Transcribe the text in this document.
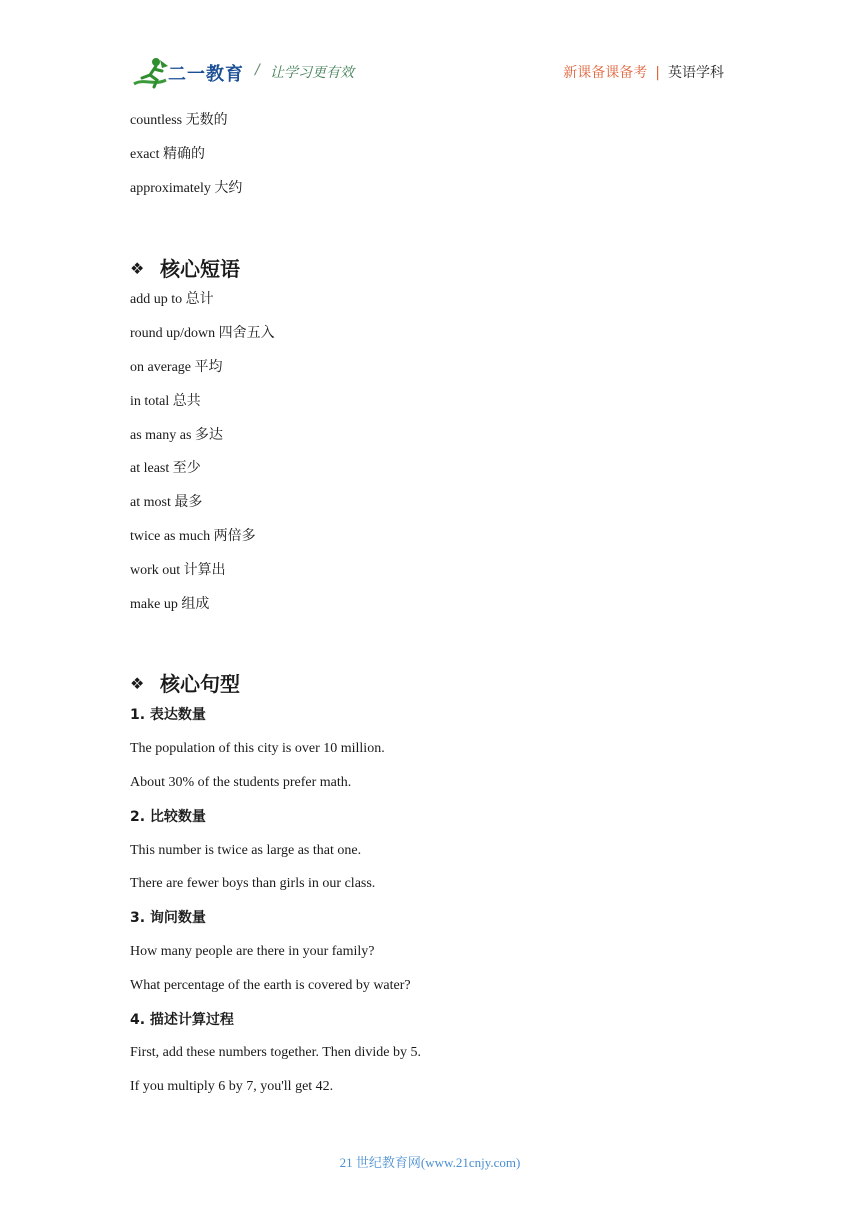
二一教育 / 让学习更有效	新课备课备考 | 英语学科
countless 无数的
exact 精确的
approximately 大约
❖ 核心短语
add up to 总计
round up/down 四舍五入
on average 平均
in total 总共
as many as 多达
at least 至少
at most 最多
twice as much 两倍多
work out 计算出
make up 组成
❖ 核心句型
1. 表达数量
The population of this city is over 10 million.
About 30% of the students prefer math.
2. 比较数量
This number is twice as large as that one.
There are fewer boys than girls in our class.
3. 询问数量
How many people are there in your family?
What percentage of the earth is covered by water?
4. 描述计算过程
First, add these numbers together. Then divide by 5.
If you multiply 6 by 7, you'll get 42.
21 世纪教育网(www.21cnjy.com)
